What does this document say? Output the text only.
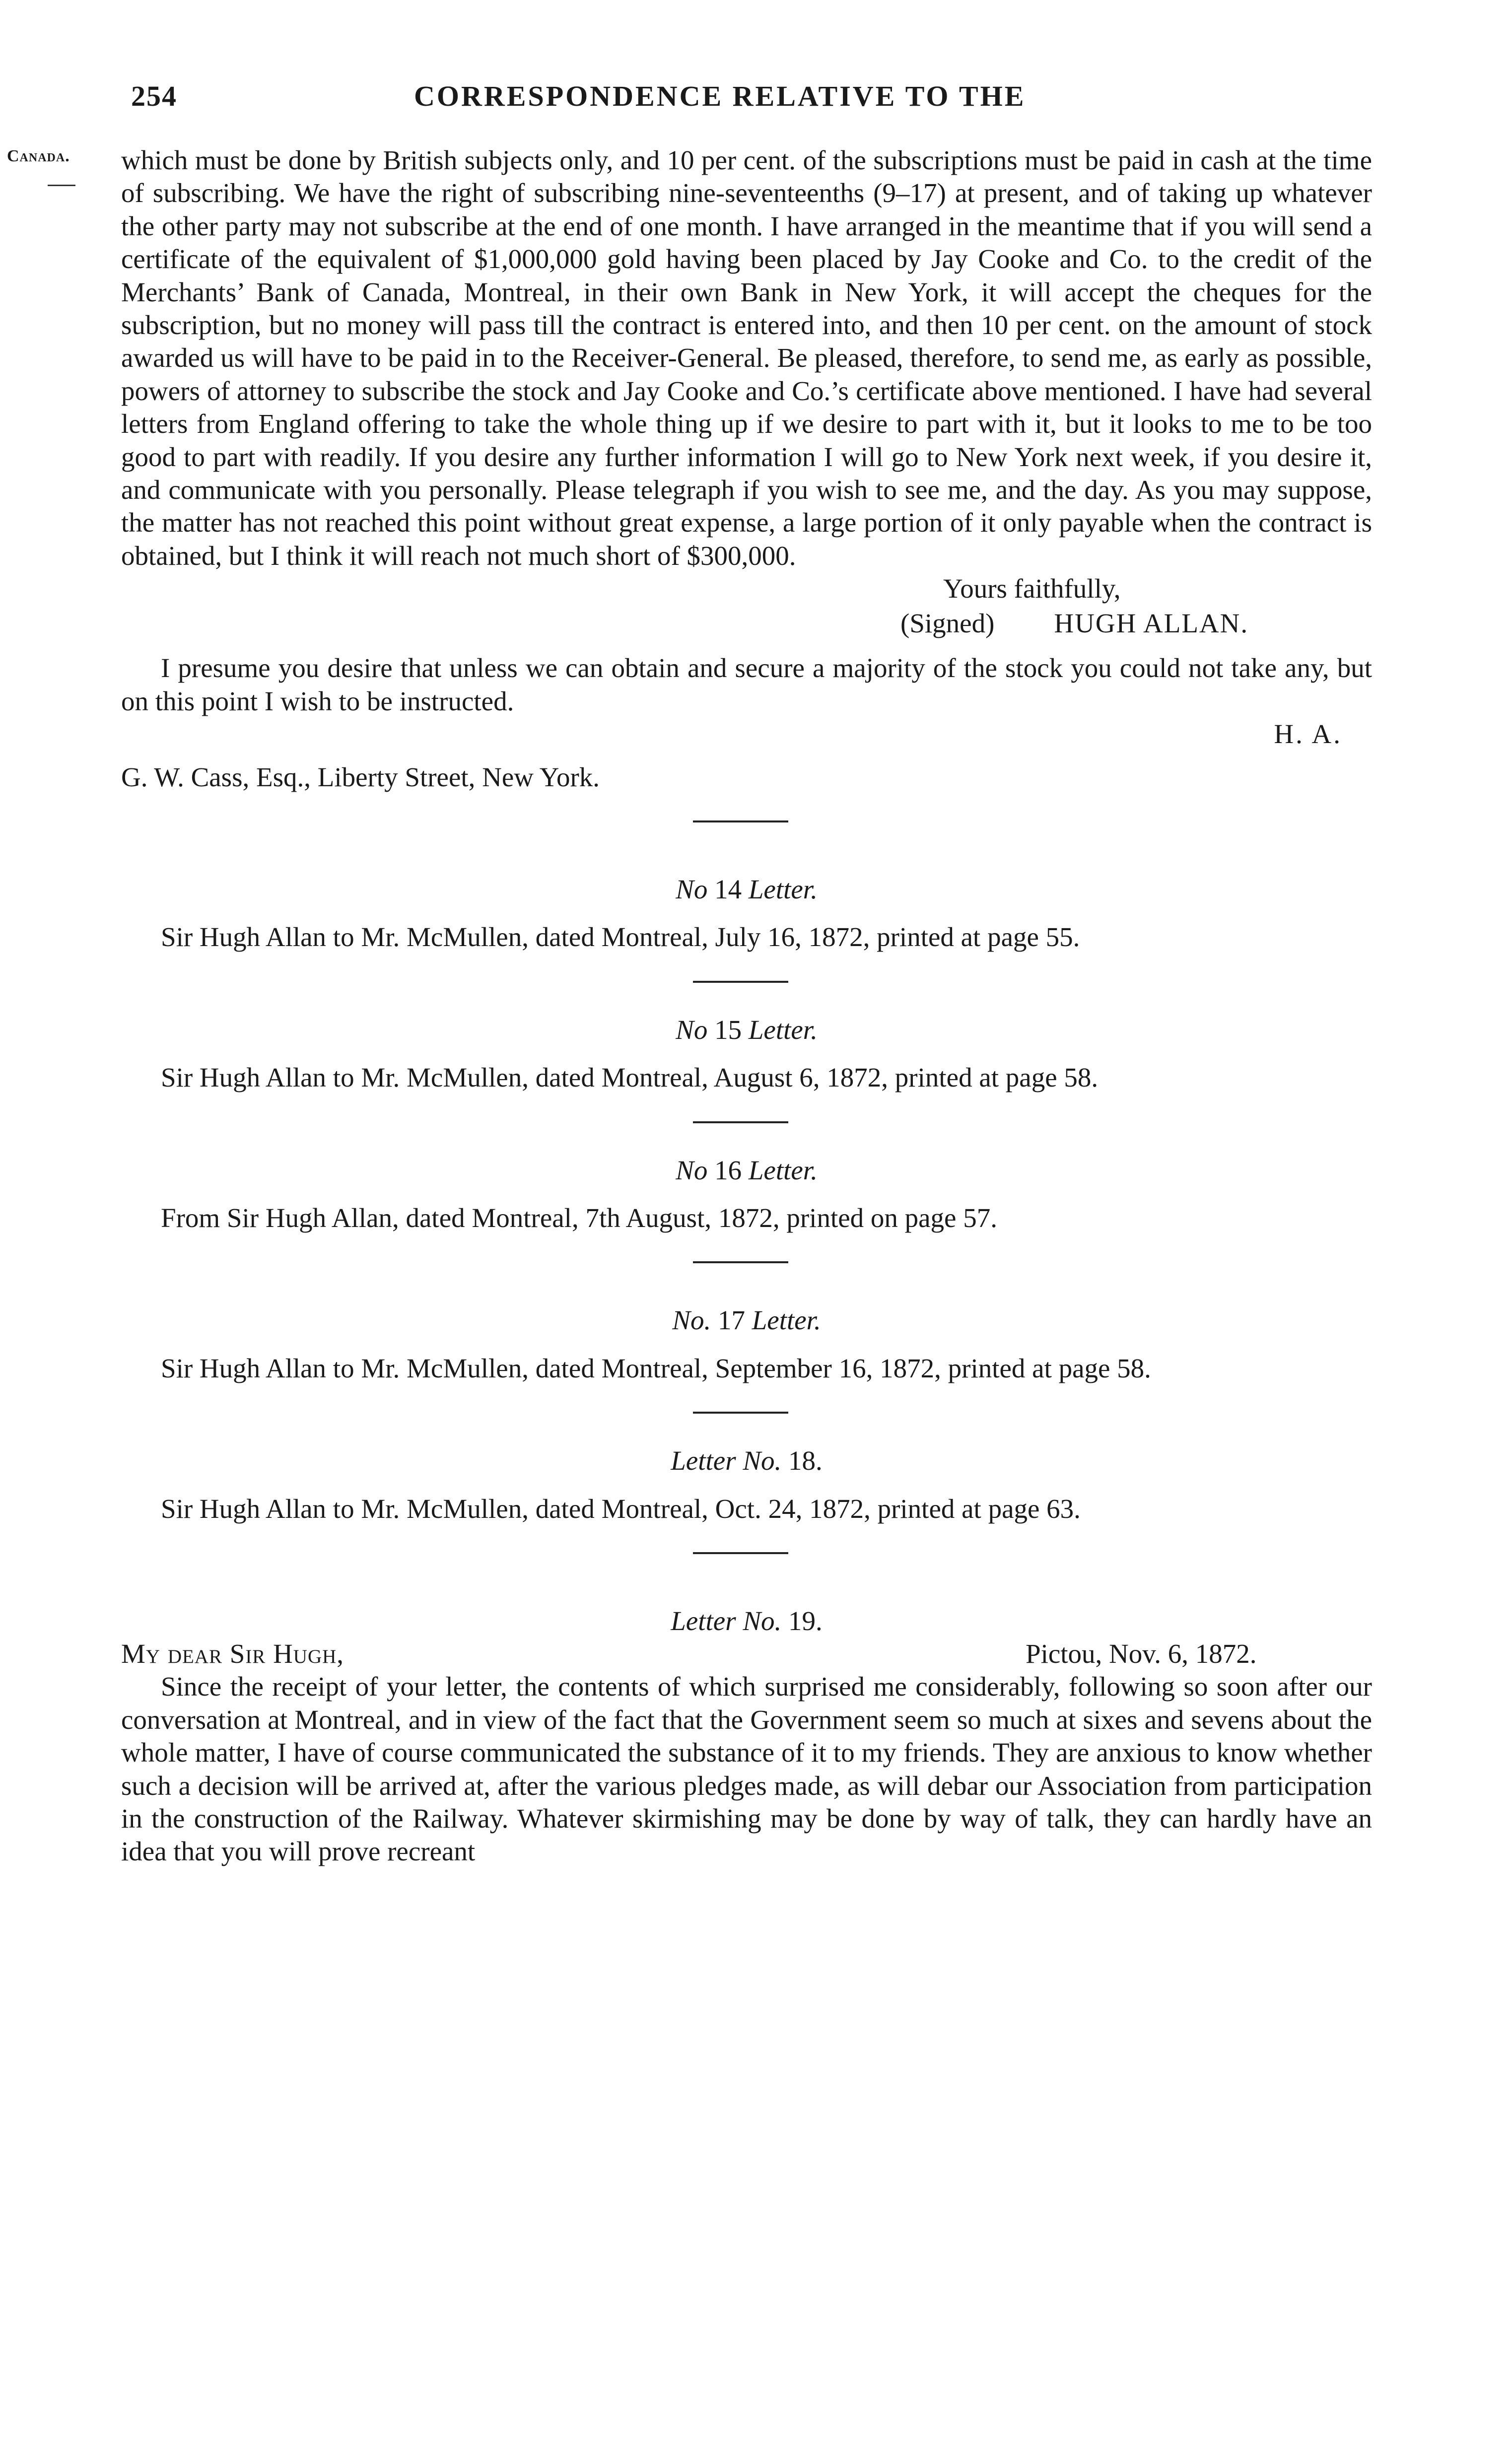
254	CORRESPONDENCE RELATIVE TO THE
Canada. which must be done by British subjects only, and 10 per cent. of the subscriptions must be paid in cash at the time of subscribing. We have the right of subscribing nine-seventeenths (9–17) at present, and of taking up whatever the other party may not subscribe at the end of one month. I have arranged in the meantime that if you will send a certificate of the equivalent of $1,000,000 gold having been placed by Jay Cooke and Co. to the credit of the Merchants’ Bank of Canada, Montreal, in their own Bank in New York, it will accept the cheques for the subscription, but no money will pass till the contract is entered into, and then 10 per cent. on the amount of stock awarded us will have to be paid in to the Receiver-General. Be pleased, therefore, to send me, as early as possible, powers of attorney to subscribe the stock and Jay Cooke and Co.’s certificate above mentioned. I have had several letters from England offering to take the whole thing up if we desire to part with it, but it looks to me to be too good to part with readily. If you desire any further information I will go to New York next week, if you desire it, and communicate with you personally. Please telegraph if you wish to see me, and the day. As you may suppose, the matter has not reached this point without great expense, a large portion of it only payable when the contract is obtained, but I think it will reach not much short of $300,000.

Yours faithfully,
(Signed) HUGH ALLAN.

I presume you desire that unless we can obtain and secure a majority of the stock you could not take any, but on this point I wish to be instructed.

H. A.

G. W. Cass, Esq., Liberty Street, New York.

No 14 Letter.

Sir Hugh Allan to Mr. McMullen, dated Montreal, July 16, 1872, printed at page 55.

No 15 Letter.

Sir Hugh Allan to Mr. McMullen, dated Montreal, August 6, 1872, printed at page 58.

No 16 Letter.

From Sir Hugh Allan, dated Montreal, 7th August, 1872, printed on page 57.

No. 17 Letter.

Sir Hugh Allan to Mr. McMullen, dated Montreal, September 16, 1872, printed at page 58.

Letter No. 18.

Sir Hugh Allan to Mr. McMullen, dated Montreal, Oct. 24, 1872, printed at page 63.

Letter No. 19.
My dear Sir Hugh,	Pictou, Nov. 6, 1872.

Since the receipt of your letter, the contents of which surprised me considerably, following so soon after our conversation at Montreal, and in view of the fact that the Government seem so much at sixes and sevens about the whole matter, I have of course communicated the substance of it to my friends. They are anxious to know whether such a decision will be arrived at, after the various pledges made, as will debar our Association from participation in the construction of the Railway. Whatever skirmishing may be done by way of talk, they can hardly have an idea that you will prove recreant
